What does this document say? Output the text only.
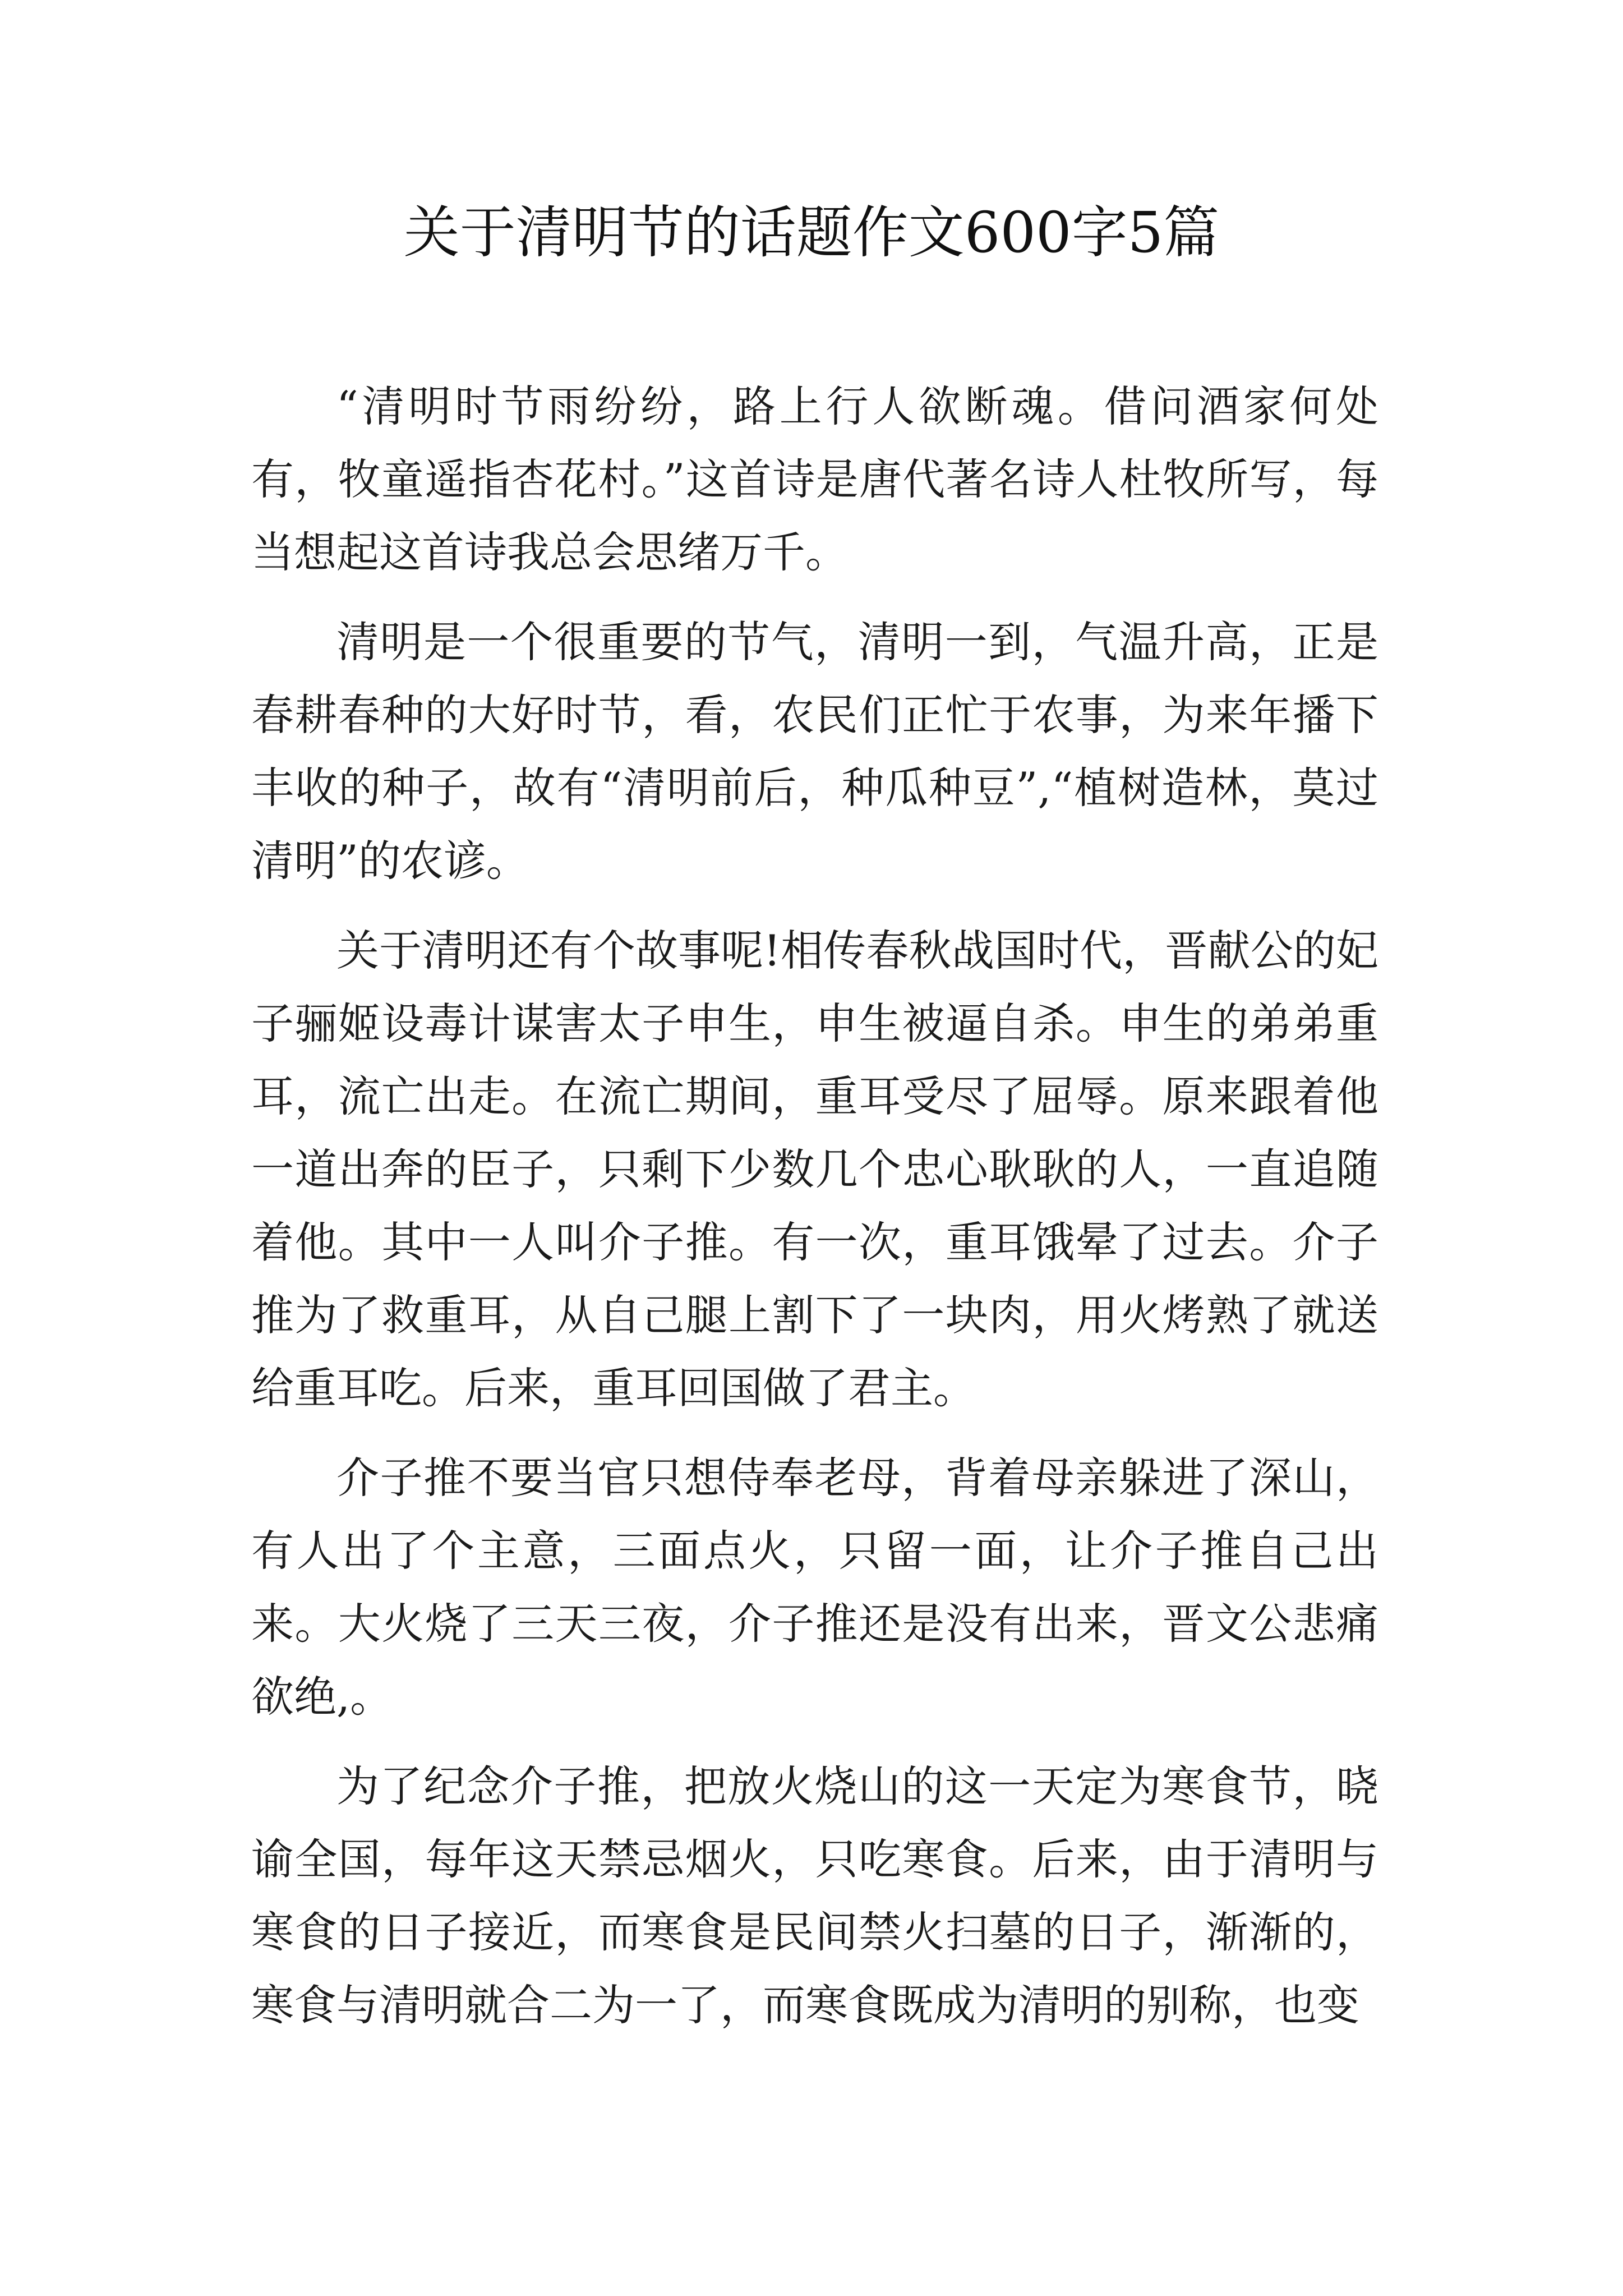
关于清明节的话题作文600字5篇

“清明时节雨纷纷，路上行人欲断魂。借问酒家何处有，牧童遥指杏花村。”这首诗是唐代著名诗人杜牧所写，每当想起这首诗我总会思绪万千。

清明是一个很重要的节气，清明一到，气温升高，正是春耕春种的大好时节，看，农民们正忙于农事，为来年播下丰收的种子，故有“清明前后，种瓜种豆”,“植树造林，莫过清明”的农谚。

关于清明还有个故事呢!相传春秋战国时代，晋献公的妃子骊姬设毒计谋害太子申生，申生被逼自杀。申生的弟弟重耳，流亡出走。在流亡期间，重耳受尽了屈辱。原来跟着他一道出奔的臣子，只剩下少数几个忠心耿耿的人，一直追随着他。其中一人叫介子推。有一次，重耳饿晕了过去。介子推为了救重耳，从自己腿上割下了一块肉，用火烤熟了就送给重耳吃。后来，重耳回国做了君主。

介子推不要当官只想侍奉老母，背着母亲躲进了深山，有人出了个主意，三面点火，只留一面，让介子推自己出来。大火烧了三天三夜，介子推还是没有出来，晋文公悲痛欲绝,。

为了纪念介子推，把放火烧山的这一天定为寒食节，晓谕全国，每年这天禁忌烟火，只吃寒食。后来，由于清明与寒食的日子接近，而寒食是民间禁火扫墓的日子，渐渐的，寒食与清明就合二为一了，而寒食既成为清明的别称，也变
